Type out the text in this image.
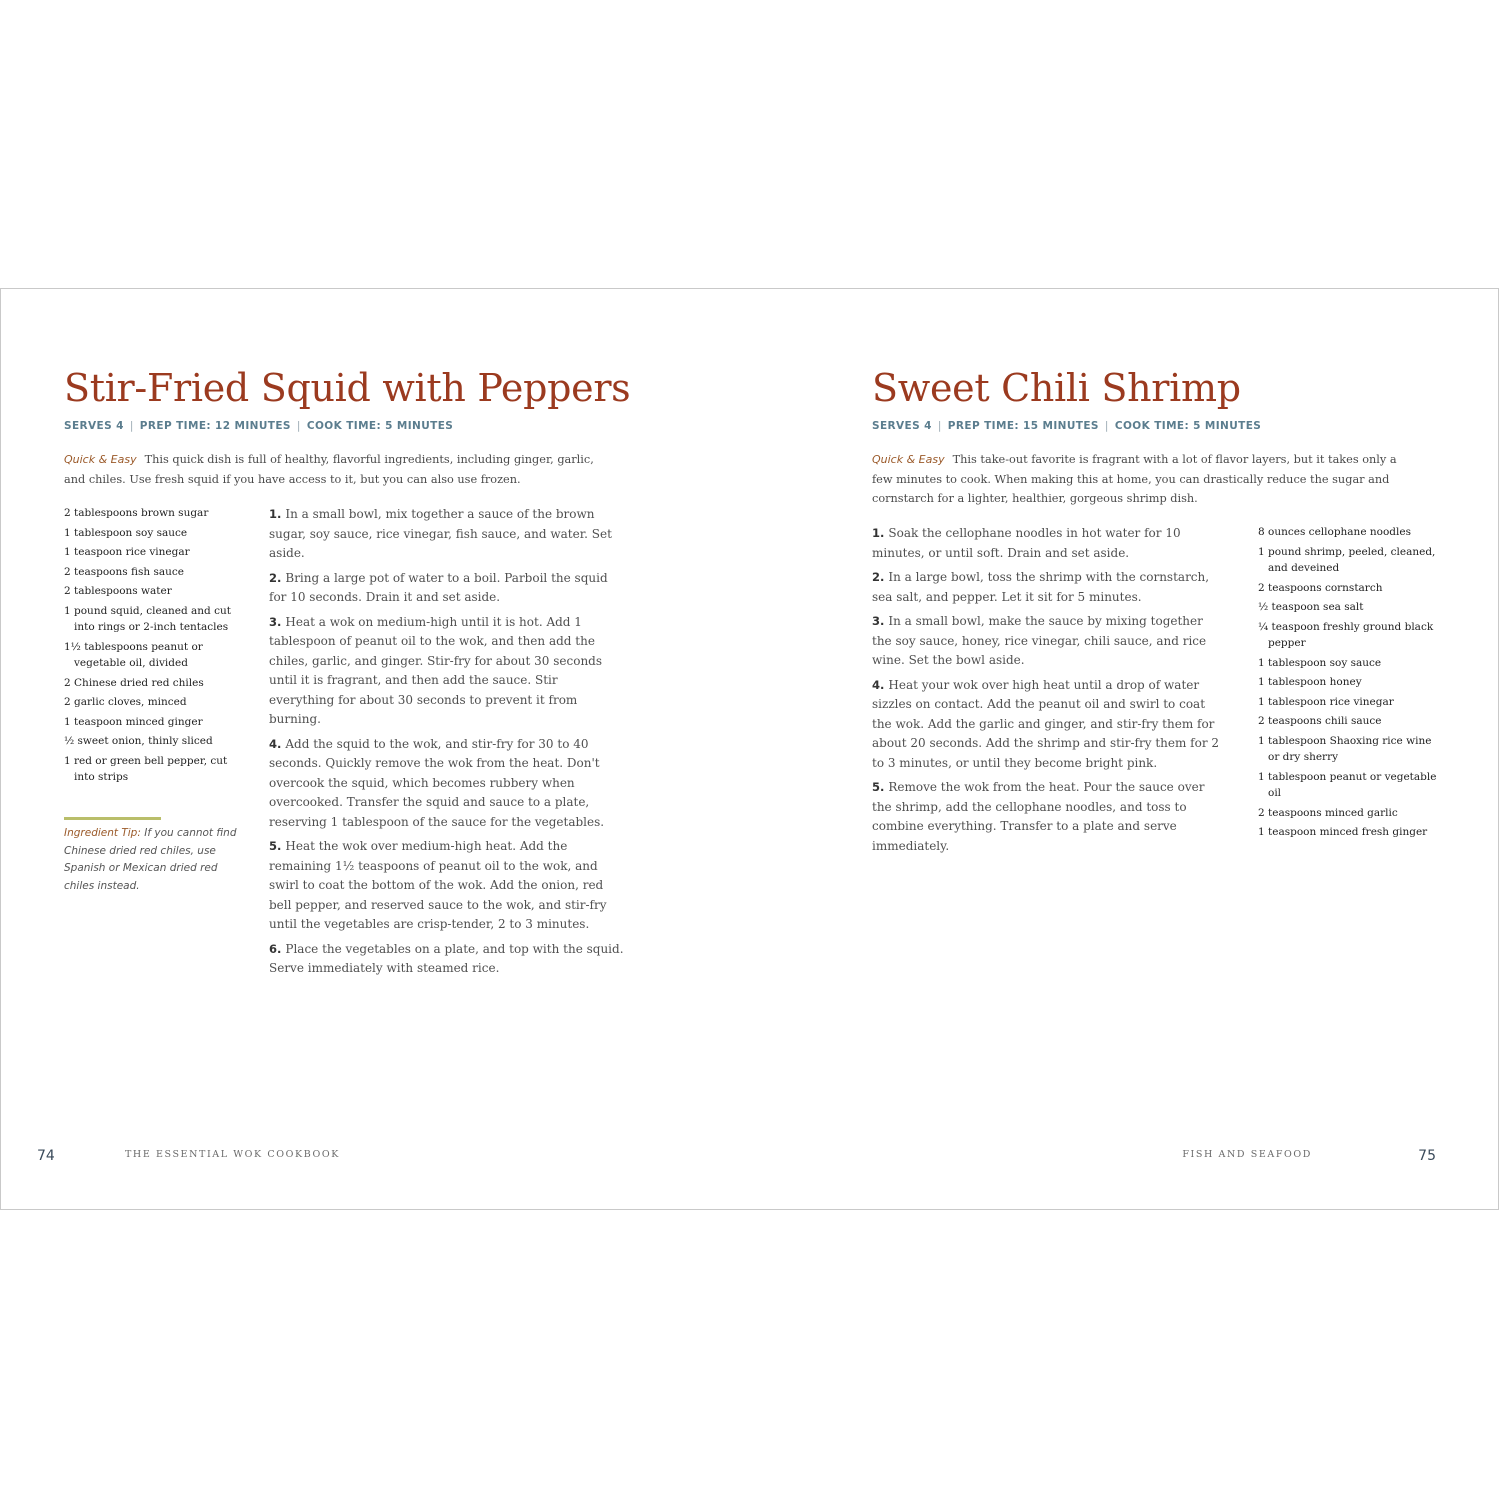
Stir-Fried Squid with Peppers
SERVES 4 | PREP TIME: 12 MINUTES | COOK TIME: 5 MINUTES

Quick & Easy This quick dish is full of healthy, flavorful ingredients, including ginger, garlic, and chiles. Use fresh squid if you have access to it, but you can also use frozen.

2 tablespoons brown sugar
1 tablespoon soy sauce
1 teaspoon rice vinegar
2 teaspoons fish sauce
2 tablespoons water
1 pound squid, cleaned and cut into rings or 2-inch tentacles
1½ tablespoons peanut or vegetable oil, divided
2 Chinese dried red chiles
2 garlic cloves, minced
1 teaspoon minced ginger
½ sweet onion, thinly sliced
1 red or green bell pepper, cut into strips

Ingredient Tip: If you cannot find Chinese dried red chiles, use Spanish or Mexican dried red chiles instead.

1. In a small bowl, mix together a sauce of the brown sugar, soy sauce, rice vinegar, fish sauce, and water. Set aside.
2. Bring a large pot of water to a boil. Parboil the squid for 10 seconds. Drain it and set aside.
3. Heat a wok on medium-high until it is hot. Add 1 tablespoon of peanut oil to the wok, and then add the chiles, garlic, and ginger. Stir-fry for about 30 seconds until it is fragrant, and then add the sauce. Stir everything for about 30 seconds to prevent it from burning.
4. Add the squid to the wok, and stir-fry for 30 to 40 seconds. Quickly remove the wok from the heat. Don't overcook the squid, which becomes rubbery when overcooked. Transfer the squid and sauce to a plate, reserving 1 tablespoon of the sauce for the vegetables.
5. Heat the wok over medium-high heat. Add the remaining 1½ teaspoons of peanut oil to the wok, and swirl to coat the bottom of the wok. Add the onion, red bell pepper, and reserved sauce to the wok, and stir-fry until the vegetables are crisp-tender, 2 to 3 minutes.
6. Place the vegetables on a plate, and top with the squid. Serve immediately with steamed rice.
Sweet Chili Shrimp
SERVES 4 | PREP TIME: 15 MINUTES | COOK TIME: 5 MINUTES

Quick & Easy This take-out favorite is fragrant with a lot of flavor layers, but it takes only a few minutes to cook. When making this at home, you can drastically reduce the sugar and cornstarch for a lighter, healthier, gorgeous shrimp dish.

1. Soak the cellophane noodles in hot water for 10 minutes, or until soft. Drain and set aside.
2. In a large bowl, toss the shrimp with the cornstarch, sea salt, and pepper. Let it sit for 5 minutes.
3. In a small bowl, make the sauce by mixing together the soy sauce, honey, rice vinegar, chili sauce, and rice wine. Set the bowl aside.
4. Heat your wok over high heat until a drop of water sizzles on contact. Add the peanut oil and swirl to coat the wok. Add the garlic and ginger, and stir-fry them for about 20 seconds. Add the shrimp and stir-fry them for 2 to 3 minutes, or until they become bright pink.
5. Remove the wok from the heat. Pour the sauce over the shrimp, add the cellophane noodles, and toss to combine everything. Transfer to a plate and serve immediately.
8 ounces cellophane noodles
1 pound shrimp, peeled, cleaned, and deveined
2 teaspoons cornstarch
½ teaspoon sea salt
¼ teaspoon freshly ground black pepper
1 tablespoon soy sauce
1 tablespoon honey
1 tablespoon rice vinegar
2 teaspoons chili sauce
1 tablespoon Shaoxing rice wine or dry sherry
1 tablespoon peanut or vegetable oil
2 teaspoons minced garlic
1 teaspoon minced fresh ginger
74	THE ESSENTIAL WOK COOKBOOK	FISH AND SEAFOOD	75
